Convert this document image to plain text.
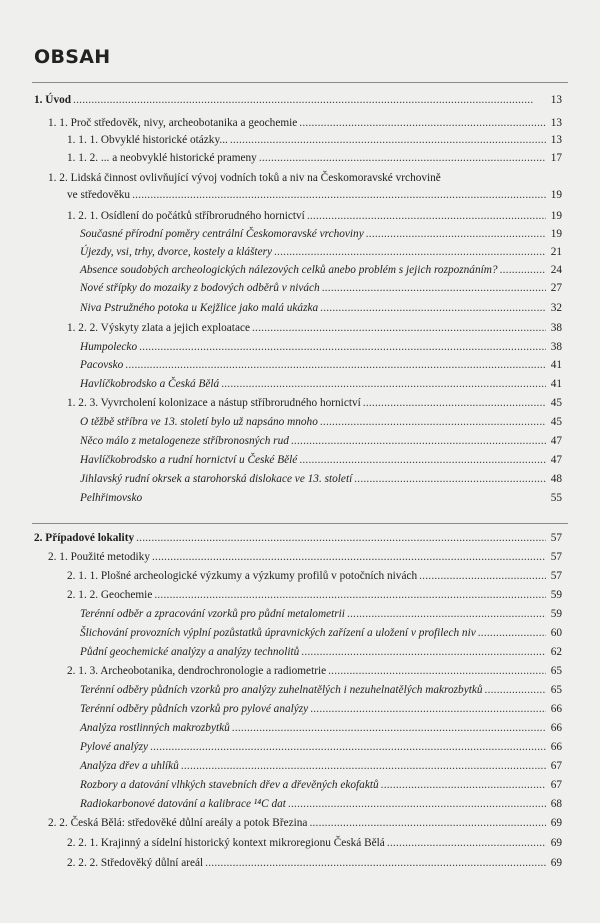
OBSAH
1. Úvod . . .	13
1. 1. Proč středověk, nivy, archeobotanika a geochemie . . .	13
1. 1. 1. Obvyklé historické otázky... . . .	13
1. 1. 2. ... a neobvyklé historické prameny . . .	17
1. 2. Lidská činnost ovlivňující vývoj vodních toků a niv na Českomoravské vrchovině
ve středověku . . .	19
1. 2. 1. Osídlení do počátků stříbrorudného hornictví . . .	19
Současné přírodní poměry centrální Českomoravské vrchoviny . . .	19
Újezdy, vsi, trhy, dvorce, kostely a kláštery . . .	21
Absence soudobých archeologických nálezových celků anebo problém s jejich rozpoznáním? . . .	24
Nové střípky do mozaiky z bodových odběrů v nivách . . .	27
Niva Pstružného potoka u Kejžlice jako malá ukázka . . .	32
1. 2. 2. Výskyty zlata a jejich exploatace . . .	38
Humpolecko . . .	38
Pacovsko . . .	41
Havlíčkobrodsko a Česká Bělá . . .	41
1. 2. 3. Vyvrcholení kolonizace a nástup stříbrorudného hornictví . . .	45
O těžbě stříbra ve 13. století bylo už napsáno mnoho . . .	45
Něco málo z metalogeneze stříbronosných rud . . .	47
Havlíčkobrodsko a rudní hornictví u České Bělé . . .	47
Jihlavský rudní okrsek a starohorská dislokace ve 13. století . . .	48
Pelhřimovsko	55
2. Případové lokality . . .	57
2. 1. Použité metodiky . . .	57
2. 1. 1. Plošné archeologické výzkumy a výzkumy profilů v potočních nivách . . .	57
2. 1. 2. Geochemie . . .	59
Terénní odběr a zpracování vzorků pro půdní metalometrii . . .	59
Šlichování provozních výplní pozůstatků úpravnických zařízení a uložení v profilech niv . . .	60
Půdní geochemické analýzy a analýzy technolitů . . .	62
2. 1. 3. Archeobotanika, dendrochronologie a radiometrie . . .	65
Terénní odběry půdních vzorků pro analýzy zuhelnatělých i nezuhelnatělých makrozbytků . . .	65
Terénní odběry půdních vzorků pro pylové analýzy . . .	66
Analýza rostlinných makrozbytků . . .	66
Pylové analýzy . . .	66
Analýza dřev a uhlíků . . .	67
Rozbory a datování vlhkých stavebních dřev a dřevěných ekofaktů . . .	67
Radiokarbonové datování a kalibrace ¹⁴C dat . . .	68
2. 2. Česká Bělá: středověké důlní areály a potok Březina . . .	69
2. 2. 1. Krajinný a sídelní historický kontext mikroregionu Česká Bělá . . .	69
2. 2. 2. Středověký důlní areál . . .	69
